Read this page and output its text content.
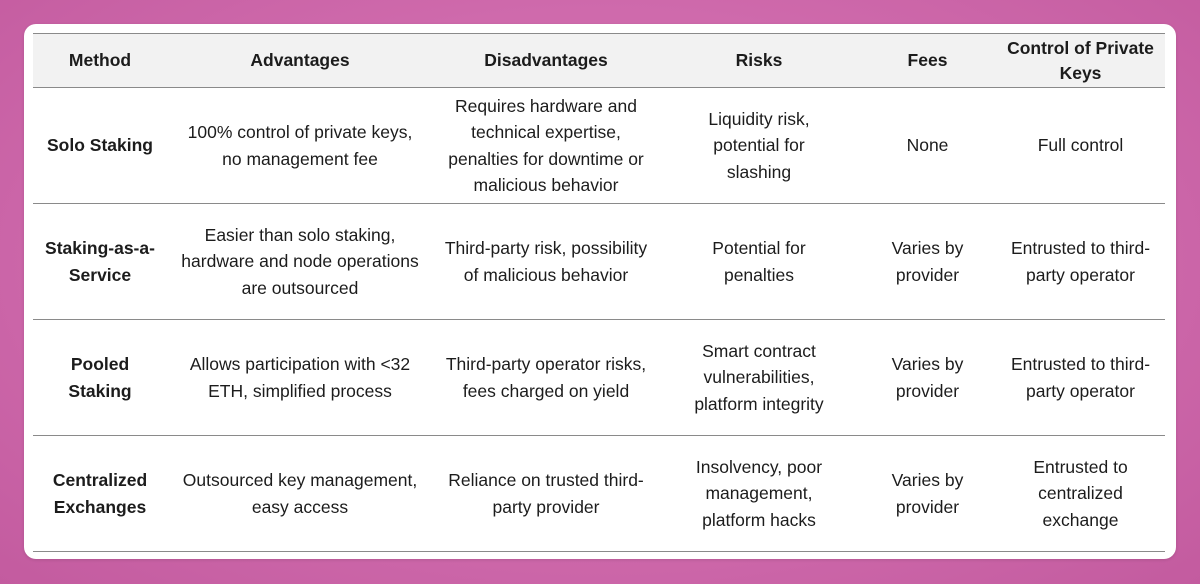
Method	Advantages	Disadvantages	Risks	Fees	Control of Private Keys
Solo Staking	100% control of private keys, no management fee	Requires hardware and technical expertise, penalties for downtime or malicious behavior	Liquidity risk, potential for slashing	None	Full control
Staking-as-a-Service	Easier than solo staking, hardware and node operations are outsourced	Third-party risk, possibility of malicious behavior	Potential for penalties	Varies by provider	Entrusted to third-party operator
Pooled Staking	Allows participation with <32 ETH, simplified process	Third-party operator risks, fees charged on yield	Smart contract vulnerabilities, platform integrity	Varies by provider	Entrusted to third-party operator
Centralized Exchanges	Outsourced key management, easy access	Reliance on trusted third-party provider	Insolvency, poor management, platform hacks	Varies by provider	Entrusted to centralized exchange
